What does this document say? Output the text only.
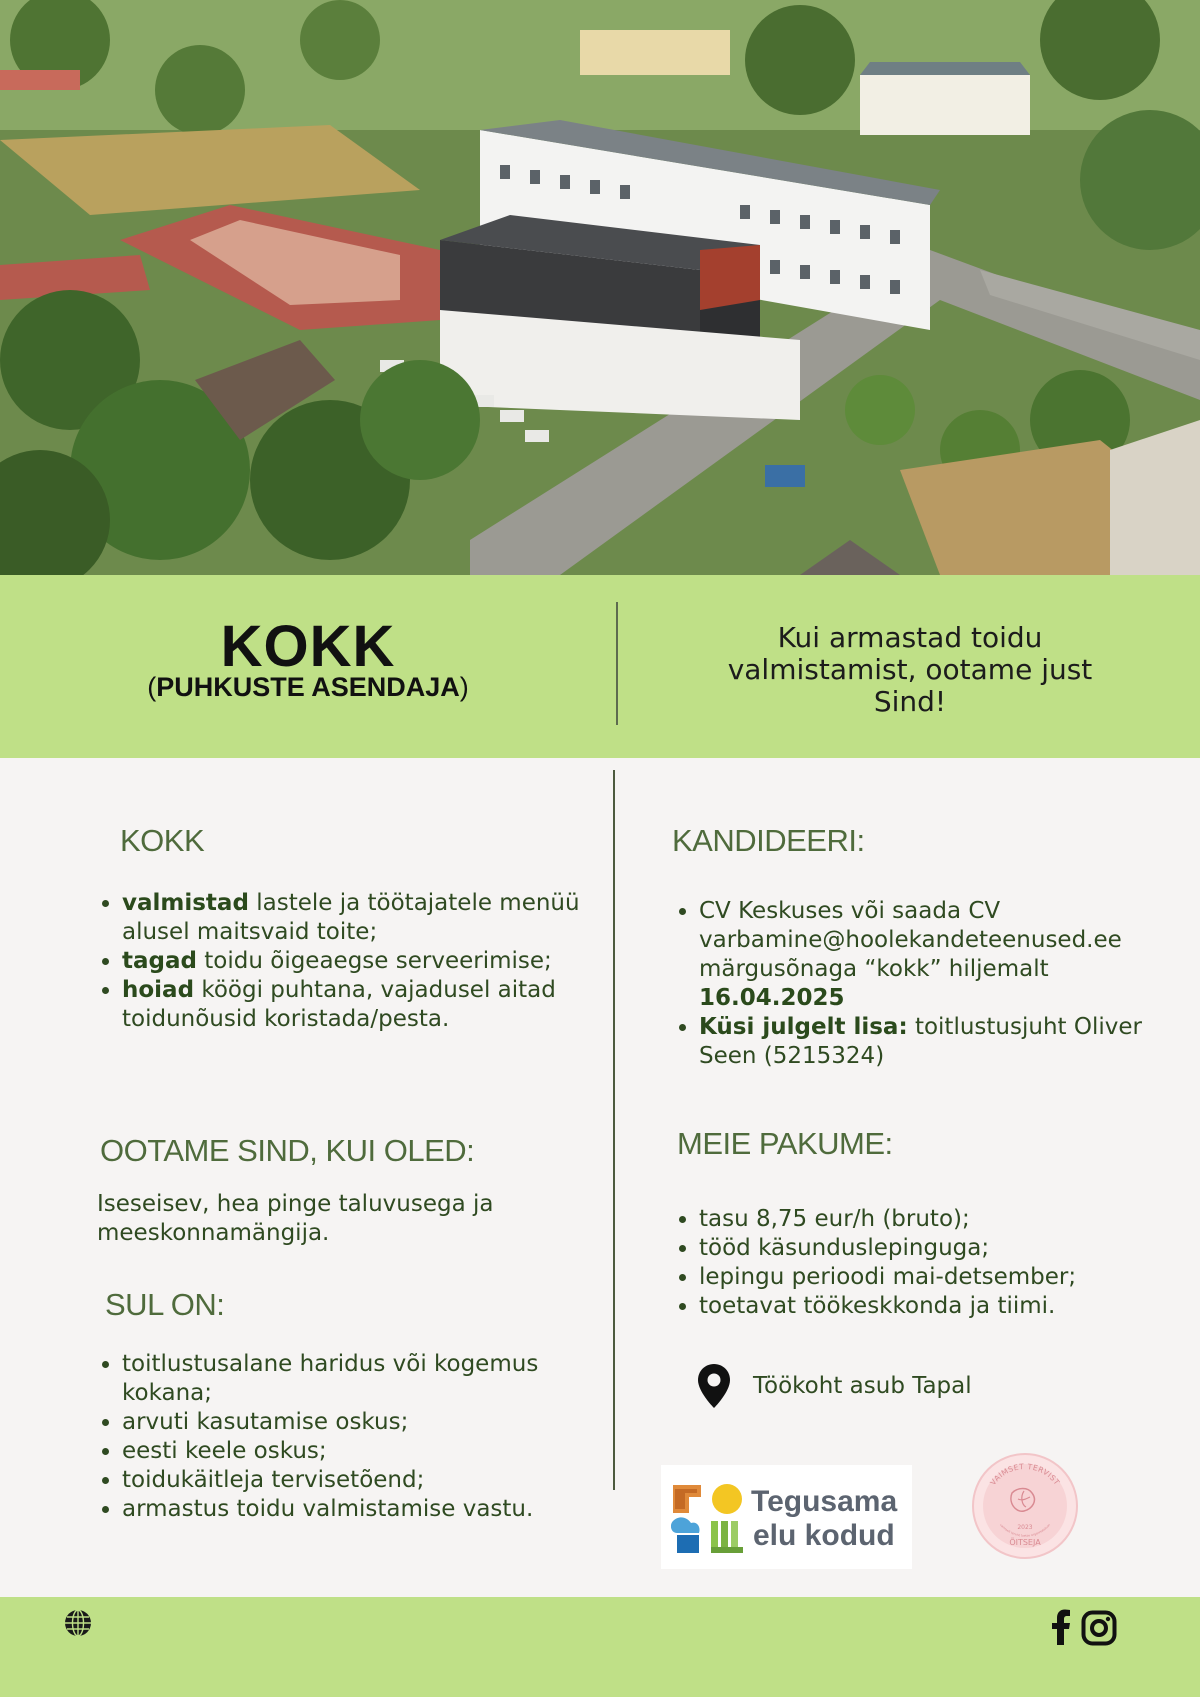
KOKK
(PUHKUSTE ASENDAJA)
Kui armastad toidu valmistamist, ootame just Sind!
KOKK
• valmistad lastele ja töötajatele menüü alusel maitsvaid toite;
• tagad toidu õigeaegse serveerimise;
• hoiad köögi puhtana, vajadusel aitad toidunõusid koristada/pesta.
OOTAME SIND, KUI OLED:
Iseseisev, hea pinge taluvusega ja meeskonnamängija.
SUL ON:
• toitlustusalane haridus või kogemus kokana;
• arvuti kasutamise oskus;
• eesti keele oskus;
• toidukäitleja tervisetõend;
• armastus toidu valmistamise vastu.
KANDIDEERI:
• CV Keskuses või saada CV varbamine@hoolekandeteenused.ee märgusõnaga “kokk” hiljemalt 16.04.2025
• Küsi julgelt lisa: toitlustusjuht Oliver Seen (5215324)
MEIE PAKUME:
• tasu 8,75 eur/h (bruto);
• tööd käsunduslepinguga;
• lepingu perioodi mai-detsember;
• toetavat töökeskkonda ja tiimi.
Töökoht asub Tapal
Tegusama
elu kodud
VAIMSET TERVIST
2023
vaimselt tervist toetav organisatsioon
ÕITSEJA
